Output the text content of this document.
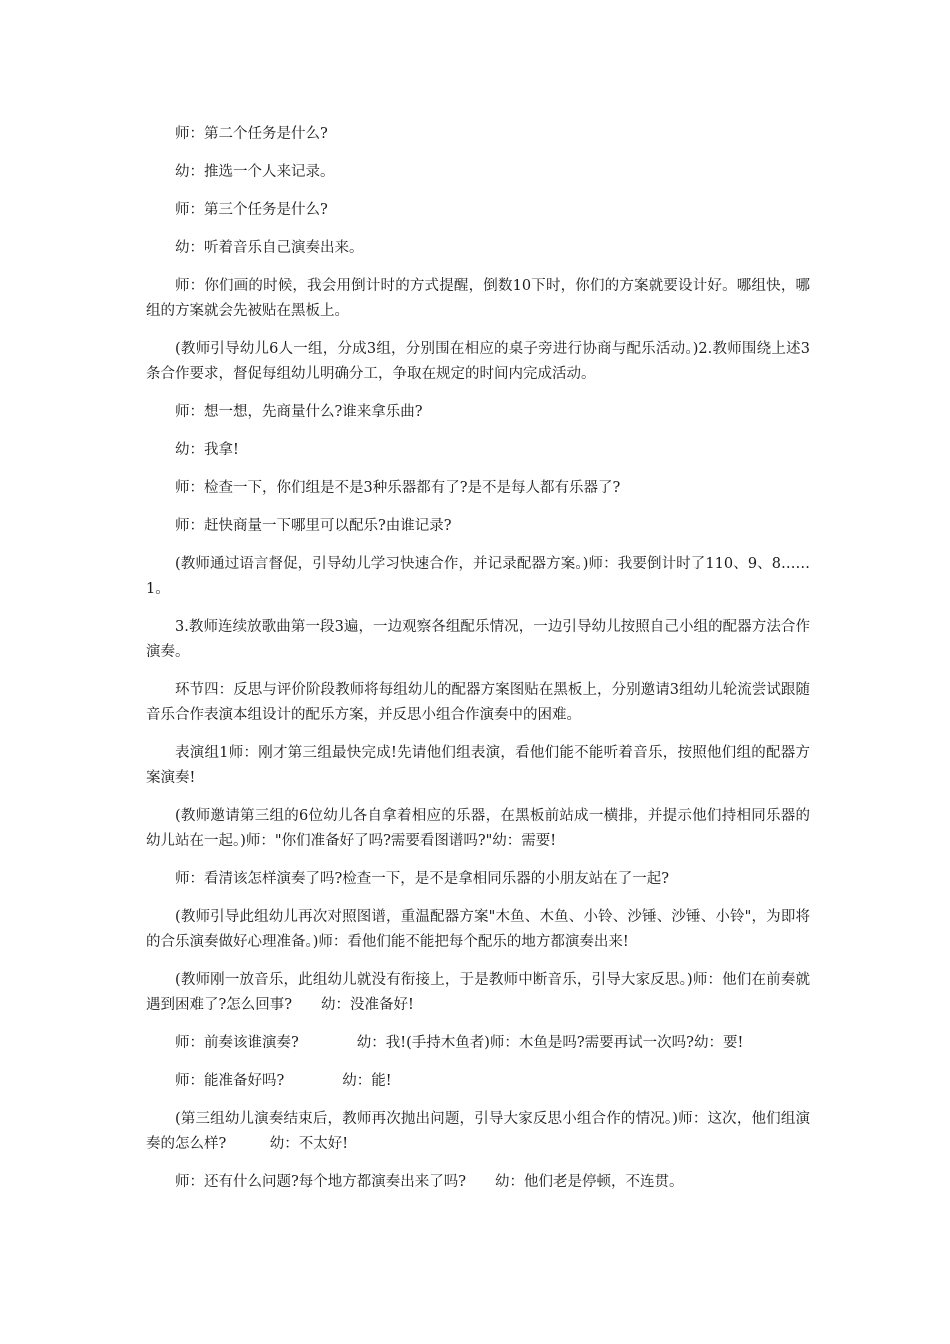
师：第二个任务是什么?

幼：推选一个人来记录。

师：第三个任务是什么?

幼：听着音乐自己演奏出来。

师：你们画的时候，我会用倒计时的方式提醒，倒数10下时，你们的方案就要设计好。哪组快，哪组的方案就会先被贴在黑板上。

(教师引导幼儿6人一组，分成3组，分别围在相应的桌子旁进行协商与配乐活动。)2.教师围绕上述3条合作要求，督促每组幼儿明确分工，争取在规定的时间内完成活动。

师：想一想，先商量什么?谁来拿乐曲?

幼：我拿!

师：检查一下，你们组是不是3种乐器都有了?是不是每人都有乐器了?

师：赶快商量一下哪里可以配乐?由谁记录?

(教师通过语言督促，引导幼儿学习快速合作，并记录配器方案。)师：我要倒计时了110、9、8……1。

3.教师连续放歌曲第一段3遍，一边观察各组配乐情况，一边引导幼儿按照自己小组的配器方法合作演奏。

环节四：反思与评价阶段教师将每组幼儿的配器方案图贴在黑板上，分别邀请3组幼儿轮流尝试跟随音乐合作表演本组设计的配乐方案，并反思小组合作演奏中的困难。

表演组1师：刚才第三组最快完成!先请他们组表演，看他们能不能听着音乐，按照他们组的配器方案演奏!

(教师邀请第三组的6位幼儿各自拿着相应的乐器，在黑板前站成一横排，并提示他们持相同乐器的幼儿站在一起。)师："你们准备好了吗?需要看图谱吗?"幼：需要!

师：看清该怎样演奏了吗?检查一下，是不是拿相同乐器的小朋友站在了一起?

(教师引导此组幼儿再次对照图谱，重温配器方案"木鱼、木鱼、小铃、沙锤、沙锤、小铃"，为即将的合乐演奏做好心理准备。)师：看他们能不能把每个配乐的地方都演奏出来!

(教师刚一放音乐，此组幼儿就没有衔接上，于是教师中断音乐，引导大家反思。)师：他们在前奏就遇到困难了?怎么回事?　　幼：没准备好!

师：前奏该谁演奏?　　　　幼：我!(手持木鱼者)师：木鱼是吗?需要再试一次吗?幼：要!

师：能准备好吗?　　　　幼：能!

(第三组幼儿演奏结束后，教师再次抛出问题，引导大家反思小组合作的情况。)师：这次，他们组演奏的怎么样?　　　幼：不太好!

师：还有什么问题?每个地方都演奏出来了吗?　　幼：他们老是停顿，不连贯。
